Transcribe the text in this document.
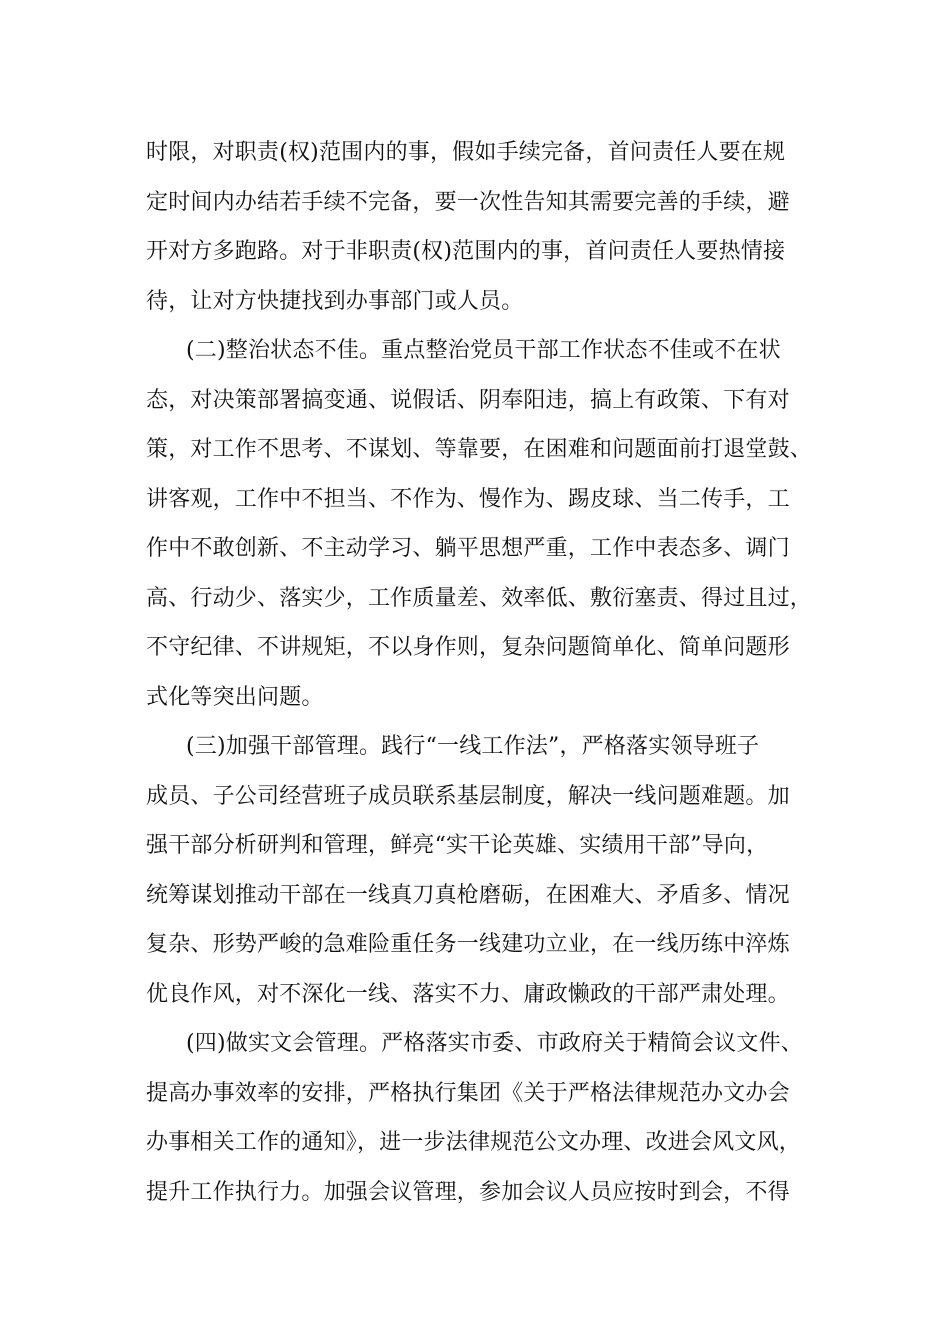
时限，对职责(权)范围内的事，假如手续完备，首问责任人要在规
定时间内办结若手续不完备，要一次性告知其需要完善的手续，避
开对方多跑路。对于非职责(权)范围内的事，首问责任人要热情接
待，让对方快捷找到办事部门或人员。
(二)整治状态不佳。重点整治党员干部工作状态不佳或不在状
态，对决策部署搞变通、说假话、阴奉阳违，搞上有政策、下有对
策，对工作不思考、不谋划、等靠要，在困难和问题面前打退堂鼓、
讲客观，工作中不担当、不作为、慢作为、踢皮球、当二传手，工
作中不敢创新、不主动学习、躺平思想严重，工作中表态多、调门
高、行动少、落实少，工作质量差、效率低、敷衍塞责、得过且过，
不守纪律、不讲规矩，不以身作则，复杂问题简单化、简单问题形
式化等突出问题。
(三)加强干部管理。践行“一线工作法”，严格落实领导班子
成员、子公司经营班子成员联系基层制度，解决一线问题难题。加
强干部分析研判和管理，鲜亮“实干论英雄、实绩用干部”导向，
统筹谋划推动干部在一线真刀真枪磨砺，在困难大、矛盾多、情况
复杂、形势严峻的急难险重任务一线建功立业，在一线历练中淬炼
优良作风，对不深化一线、落实不力、庸政懒政的干部严肃处理。
(四)做实文会管理。严格落实市委、市政府关于精简会议文件、
提高办事效率的安排，严格执行集团《关于严格法律规范办文办会
办事相关工作的通知》，进一步法律规范公文办理、改进会风文风，
提升工作执行力。加强会议管理，参加会议人员应按时到会，不得
